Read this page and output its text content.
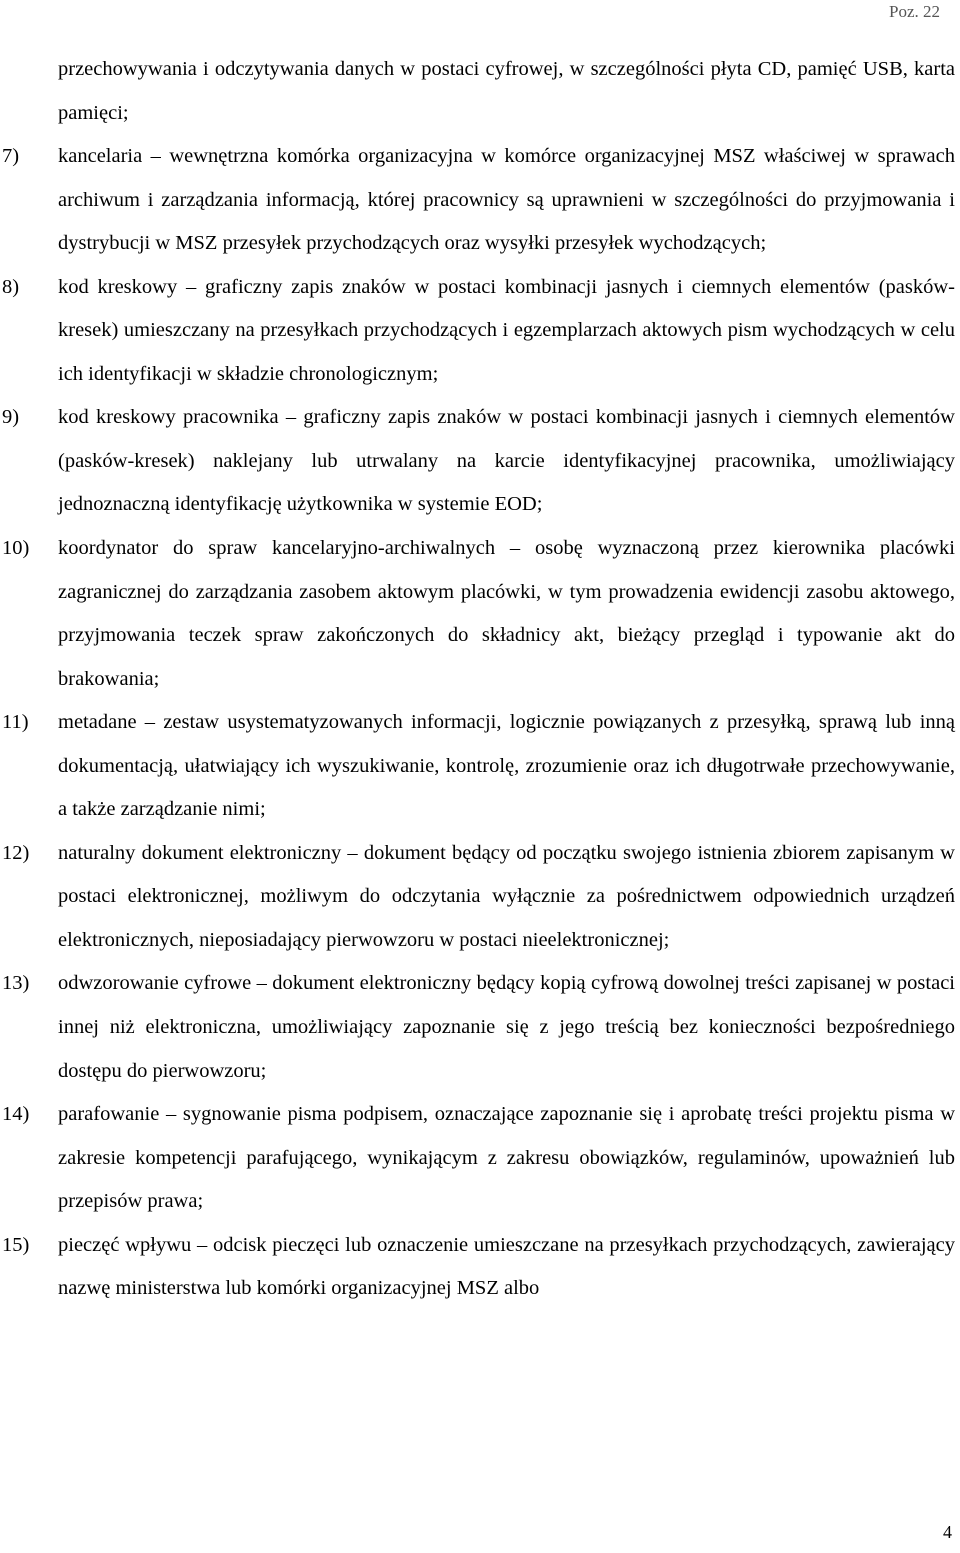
Poz. 22
przechowywania i odczytywania danych w postaci cyfrowej, w szczególności płyta CD, pamięć USB, karta pamięci;
7) kancelaria – wewnętrzna komórka organizacyjna w komórce organizacyjnej MSZ właściwej w sprawach archiwum i zarządzania informacją, której pracownicy są uprawnieni w szczególności do przyjmowania i dystrybucji w MSZ przesyłek przychodzących oraz wysyłki przesyłek wychodzących;
8) kod kreskowy – graficzny zapis znaków w postaci kombinacji jasnych i ciemnych elementów (pasków-kresek) umieszczany na przesyłkach przychodzących i egzemplarzach aktowych pism wychodzących w celu ich identyfikacji w składzie chronologicznym;
9) kod kreskowy pracownika – graficzny zapis znaków w postaci kombinacji jasnych i ciemnych elementów (pasków-kresek) naklejany lub utrwalany na karcie identyfikacyjnej pracownika, umożliwiający jednoznaczną identyfikację użytkownika w systemie EOD;
10) koordynator do spraw kancelaryjno-archiwalnych – osobę wyznaczoną przez kierownika placówki zagranicznej do zarządzania zasobem aktowym placówki, w tym prowadzenia ewidencji zasobu aktowego, przyjmowania teczek spraw zakończonych do składnicy akt, bieżący przegląd i typowanie akt do brakowania;
11) metadane – zestaw usystematyzowanych informacji, logicznie powiązanych z przesyłką, sprawą lub inną dokumentacją, ułatwiający ich wyszukiwanie, kontrolę, zrozumienie oraz ich długotrwałe przechowywanie, a także zarządzanie nimi;
12) naturalny dokument elektroniczny – dokument będący od początku swojego istnienia zbiorem zapisanym w postaci elektronicznej, możliwym do odczytania wyłącznie za pośrednictwem odpowiednich urządzeń elektronicznych, nieposiadający pierwowzoru w postaci nieelektronicznej;
13) odwzorowanie cyfrowe – dokument elektroniczny będący kopią cyfrową dowolnej treści zapisanej w postaci innej niż elektroniczna, umożliwiający zapoznanie się z jego treścią bez konieczności bezpośredniego dostępu do pierwowzoru;
14) parafowanie – sygnowanie pisma podpisem, oznaczające zapoznanie się i aprobatę treści projektu pisma w zakresie kompetencji parafującego, wynikającym z zakresu obowiązków, regulaminów, upoważnień lub przepisów prawa;
15) pieczęć wpływu – odcisk pieczęci lub oznaczenie umieszczane na przesyłkach przychodzących, zawierający nazwę ministerstwa lub komórki organizacyjnej MSZ albo
4
